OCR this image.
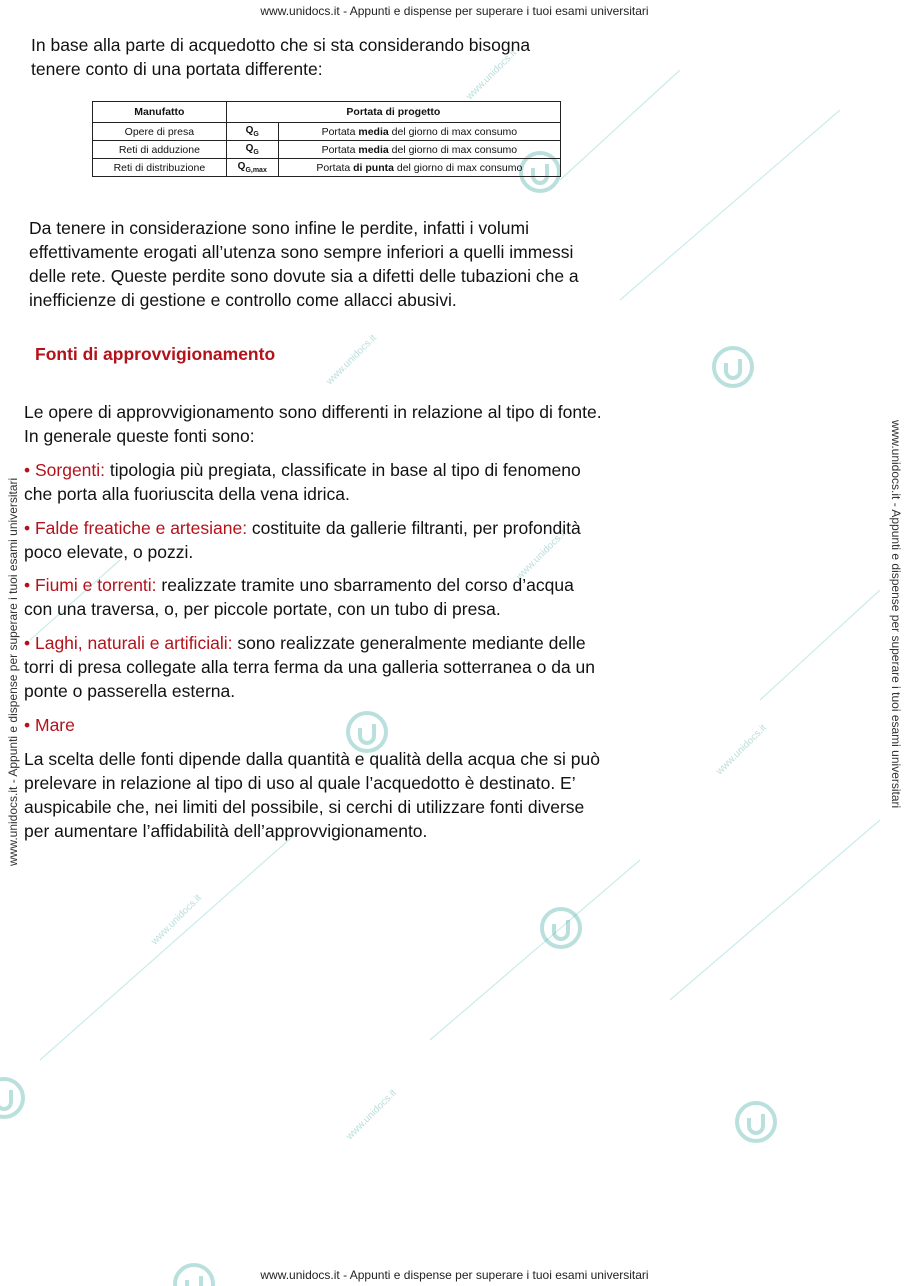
www.unidocs.it - Appunti e dispense per superare i tuoi esami universitari
www.unidocs.it - Appunti e dispense per superare i tuoi esami universitari
www.unidocs.it - Appunti e dispense per superare i tuoi esami universitari	www.unidocs.it - Appunti e dispense per superare i tuoi esami universitari
www.unidocs.it
www.unidocs.it
www.unidocs.it
www.unidocs.it
www.unidocs.it
www.unidocs.it

In base alla parte di acquedotto che si sta considerando bisogna
tenere conto di una portata differente:

Manufatto	Portata di progetto	
Opere di presa	$Q_G$	Portata media del giorno di max consumo
Reti di adduzione	$Q_G$	Portata media del giorno di max consumo
Reti di distribuzione	$Q_{G,max}$	Portata di punta del giorno di max consumo

Da tenere in considerazione sono infine le perdite, infatti i volumi
effettivamente erogati all’utenza sono sempre inferiori a quelli immessi
delle rete. Queste perdite sono dovute sia a difetti delle tubazioni che a
inefficienze di gestione e controllo come allacci abusivi.

Fonti di approvvigionamento

Le opere di approvvigionamento sono differenti in relazione al tipo di fonte.
In generale queste fonti sono:

• Sorgenti: tipologia più pregiata, classificate in base al tipo di fenomeno
che porta alla fuoriuscita della vena idrica.

• Falde freatiche e artesiane: costituite da gallerie filtranti, per profondità
poco elevate, o pozzi.

• Fiumi e torrenti: realizzate tramite uno sbarramento del corso d’acqua
con una traversa, o, per piccole portate, con un tubo di presa.

• Laghi, naturali e artificiali: sono realizzate generalmente mediante delle
torri di presa collegate alla terra ferma da una galleria sotterranea o da un
ponte o passerella esterna.

• Mare

La scelta delle fonti dipende dalla quantità e qualità della acqua che si può
prelevare in relazione al tipo di uso al quale l’acquedotto è destinato. E’
auspicabile che, nei limiti del possibile, si cerchi di utilizzare fonti diverse
per aumentare l’affidabilità dell’approvvigionamento.
